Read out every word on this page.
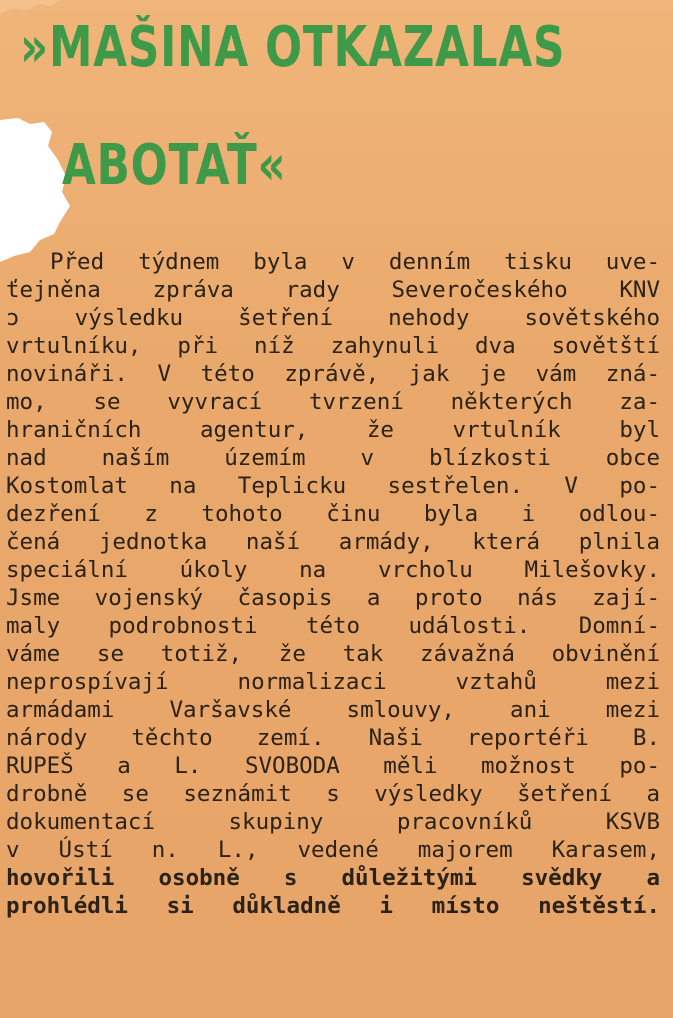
»MAŠINA OTKAZALAS
ABOTAŤ«
Před týdnem byla v denním tisku uve-
ťejněna zpráva rady Severočeského KNV
ɔ výsledku šetření nehody sovětského
vrtulníku, při níž zahynuli dva sovětští
novináři. V této zprávě, jak je vám zná-
mo, se vyvrací tvrzení některých za-
hraničních agentur, že vrtulník byl
nad naším územím v blízkosti obce
Kostomlat na Teplicku sestřelen. V po-
dezření z tohoto činu byla i odlou-
čená jednotka naší armády, která plnila
speciální úkoly na vrcholu Milešovky.
Jsme vojenský časopis a proto nás zají-
maly podrobnosti této události. Domní-
váme se totiž, že tak závažná obvinění
neprospívají normalizaci vztahů mezi
armádami Varšavské smlouvy, ani mezi
národy těchto zemí. Naši reportéři B.
RUPEŠ a L. SVOBODA měli možnost po-
drobně se seznámit s výsledky šetření a
dokumentací skupiny pracovníků KSVB
v Ústí n. L., vedené majorem Karasem,
hovořili osobně s důležitými svědky a
prohlédli si důkladně i místo neštěstí.
